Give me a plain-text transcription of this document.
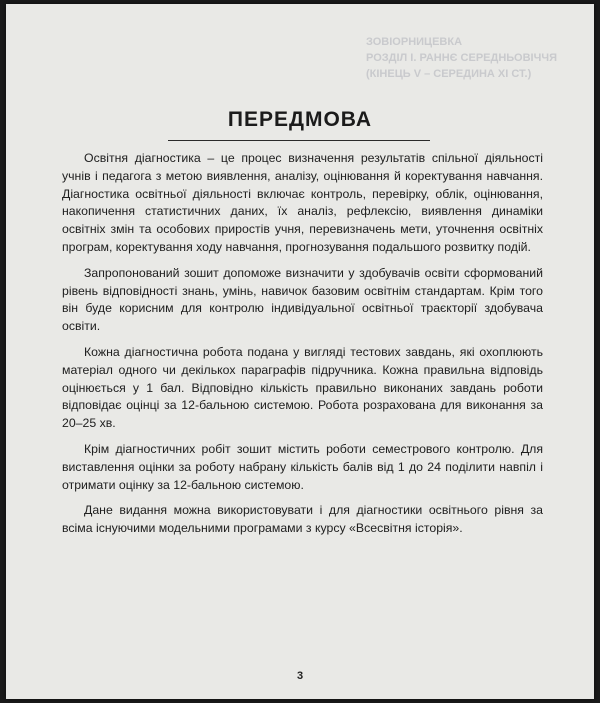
ЗОВІОРНИЦЕВКА
РОЗДІЛ І. РАННЄ СЕРЕДНЬОВІЧЧЯ
(КІНЕЦЬ V – СЕРЕДИНА XI СТ.)
ПЕРЕДМОВА

Освітня діагностика – це процес визначення результатів спільної діяльності учнів і педагога з метою виявлення, аналізу, оцінювання й коректування навчання. Діагностика освітньої діяльності включає контроль, перевірку, облік, оцінювання, накопичення статистичних даних, їх аналіз, рефлексію, виявлення динаміки освітніх змін та особових приростів учня, перевизначень мети, уточнення освітніх програм, коректування ходу навчання, прогнозування подальшого розвитку подій.

Запропонований зошит допоможе визначити у здобувачів освіти сформований рівень відповідності знань, умінь, навичок базовим освітнім стандартам. Крім того він буде корисним для контролю індивідуальної освітньої траєкторії здобувача освіти.

Кожна діагностична робота подана у вигляді тестових завдань, які охоплюють матеріал одного чи декількох параграфів підручника. Кожна правильна відповідь оцінюється у 1 бал. Відповідно кількість правильно виконаних завдань роботи відповідає оцінці за 12-бальною системою. Робота розрахована для виконання за 20–25 хв.

Крім діагностичних робіт зошит містить роботи семестрового контролю. Для виставлення оцінки за роботу набрану кількість балів від 1 до 24 поділити навпіл і отримати оцінку за 12-бальною системою.

Дане видання можна використовувати і для діагностики освітнього рівня за всіма існуючими модельними програмами з курсу «Всесвітня історія».

3
